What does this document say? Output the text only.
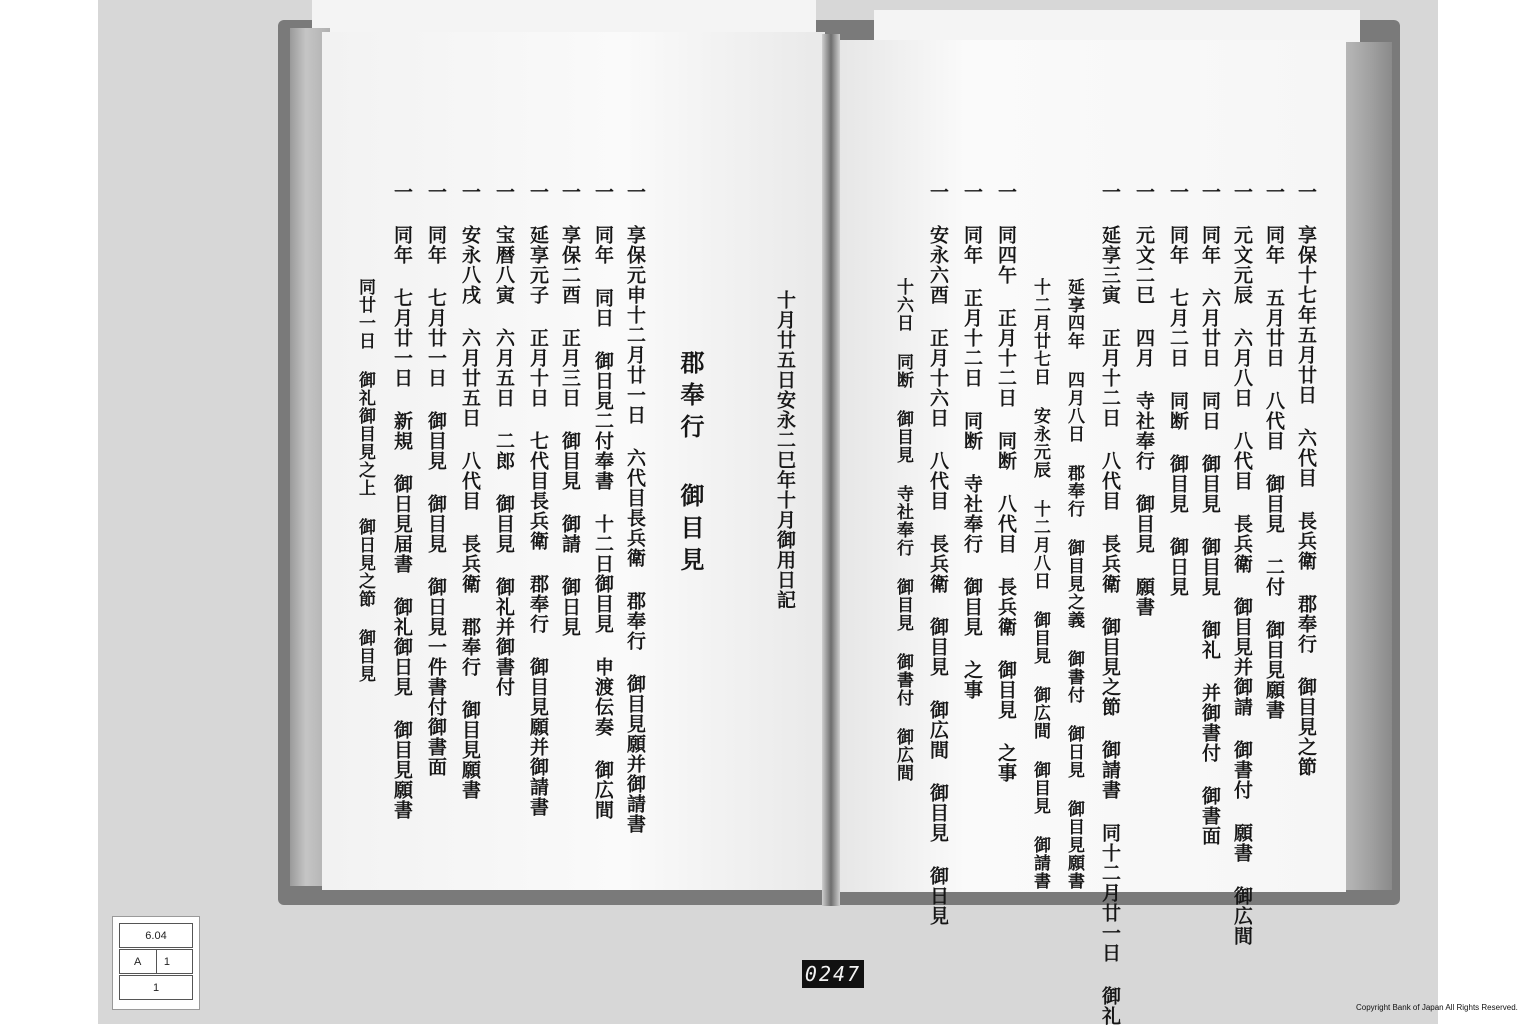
十月廿五日安永二巳年十月御用日記
郡奉行 御目見
一 享保元申十二月廿一日 六代目長兵衛 郡奉行 御目見願并御請書
一 同年 同日 御日見二付奉書 十二日御目見 申渡伝奏 御広間
一 享保二酉 正月三日 御目見 御請 御日見
一 延享元子 正月十日 七代目長兵衛 郡奉行 御目見願并御請書
一 宝暦八寅 六月五日 二郎 御目見 御礼并御書付
一 安永八戌 六月廿五日 八代目 長兵衛 郡奉行 御目見願書
一 同年 七月廿一日 御目見 御目見 御日見一件書付御書面
一 同年 七月廿一日 新規 御日見届書 御礼御日見 御目見願書
同廿一日 御礼御目見之上 御日見之節 御目見	一 享保十七年五月廿日 六代目 長兵衛 郡奉行 御目見之節
一 同年 五月廿日 八代目 御目見 二付 御目見願書
一 元文元辰 六月八日 八代目 長兵衛 御目見并御請 御書付 願書 御広間
一 同年 六月廿日 同日 御目見 御目見 御礼 并御書付 御書面
一 同年 七月二日 同断 御目見 御日見
一 元文二巳 四月 寺社奉行 御目見 願書
一 延享三寅 正月十二日 八代目 長兵衛 御目見之節 御請書 同十二月廿一日 御礼
延享四年 四月八日 郡奉行 御目見之義 御書付 御日見 御目見願書
十二月廿七日 安永元辰 十二月八日 御目見 御広間 御目見 御請書
一 同四午 正月十二日 同断 八代目 長兵衛 御目見 之事
一 同年 正月十二日 同断 寺社奉行 御目見 之事
一 安永六酉 正月十六日 八代目 長兵衛 御目見 御広間 御目見 御日見
十六日 同断 御目見 寺社奉行 御目見 御書付 御広間
6.04
A 1
1
0247
Copyright Bank of Japan All Rights Reserved.
